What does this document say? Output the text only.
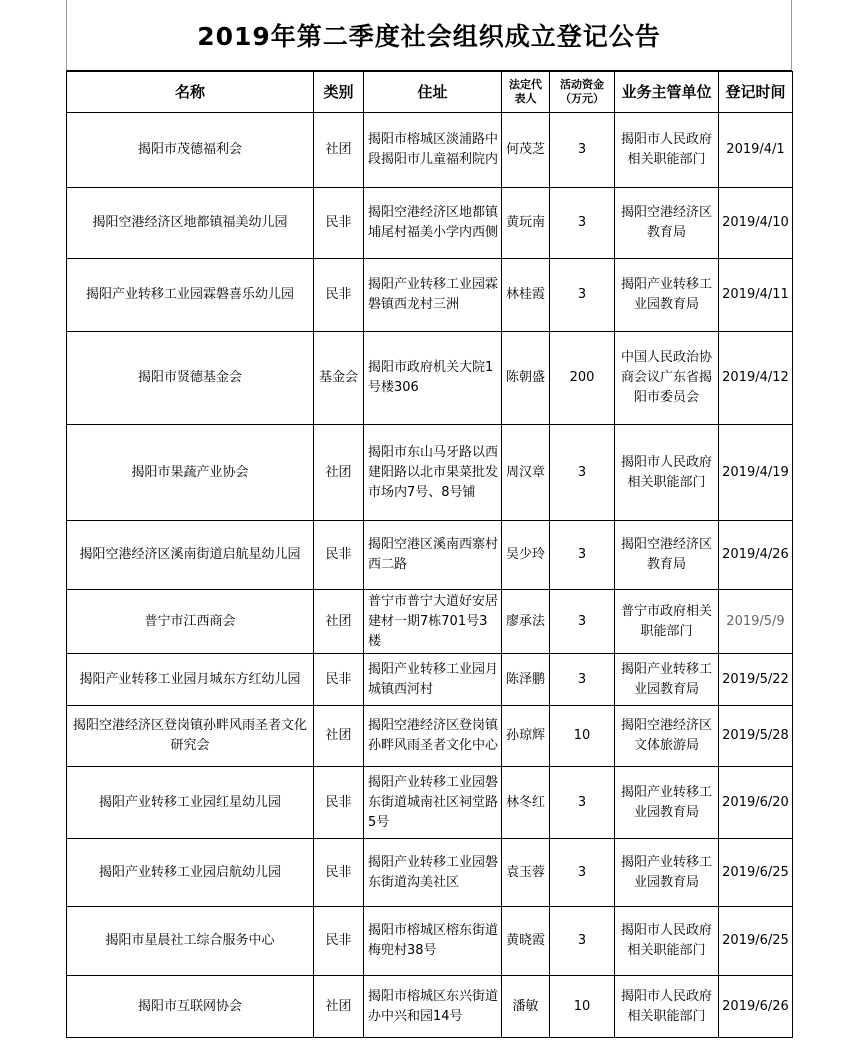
2019年第二季度社会组织成立登记公告
名称	类别	住址	法定代表人	活动资金（万元）	业务主管单位	登记时间
揭阳市茂德福利会	社团	揭阳市榕城区淡浦路中段揭阳市儿童福利院内	何茂芝	3	揭阳市人民政府相关职能部门	2019/4/1
揭阳空港经济区地都镇福美幼儿园	民非	揭阳空港经济区地都镇埔尾村福美小学内西侧	黄玩南	3	揭阳空港经济区教育局	2019/4/10
揭阳产业转移工业园霖磐喜乐幼儿园	民非	揭阳产业转移工业园霖磐镇西龙村三洲	林桂霞	3	揭阳产业转移工业园教育局	2019/4/11
揭阳市贤德基金会	基金会	揭阳市政府机关大院1号楼306	陈朝盛	200	中国人民政治协商会议广东省揭阳市委员会	2019/4/12
揭阳市果蔬产业协会	社团	揭阳市东山马牙路以西建阳路以北市果菜批发市场内7号、8号铺	周汉章	3	揭阳市人民政府相关职能部门	2019/4/19
揭阳空港经济区溪南街道启航星幼儿园	民非	揭阳空港区溪南西寨村西二路	吴少玲	3	揭阳空港经济区教育局	2019/4/26
普宁市江西商会	社团	普宁市普宁大道好安居建材一期7栋701号3楼	廖承法	3	普宁市政府相关职能部门	2019/5/9
揭阳产业转移工业园月城东方红幼儿园	民非	揭阳产业转移工业园月城镇西河村	陈泽鹏	3	揭阳产业转移工业园教育局	2019/5/22
揭阳空港经济区登岗镇孙畔风雨圣者文化研究会	社团	揭阳空港经济区登岗镇孙畔风雨圣者文化中心	孙琼辉	10	揭阳空港经济区文体旅游局	2019/5/28
揭阳产业转移工业园红星幼儿园	民非	揭阳产业转移工业园磐东街道城南社区祠堂路5号	林冬红	3	揭阳产业转移工业园教育局	2019/6/20
揭阳产业转移工业园启航幼儿园	民非	揭阳产业转移工业园磐东街道沟美社区	袁玉蓉	3	揭阳产业转移工业园教育局	2019/6/25
揭阳市星晨社工综合服务中心	民非	揭阳市榕城区榕东街道梅兜村38号	黄晓霞	3	揭阳市人民政府相关职能部门	2019/6/25
揭阳市互联网协会	社团	揭阳市榕城区东兴街道办中兴和园14号	潘敏	10	揭阳市人民政府相关职能部门	2019/6/26
